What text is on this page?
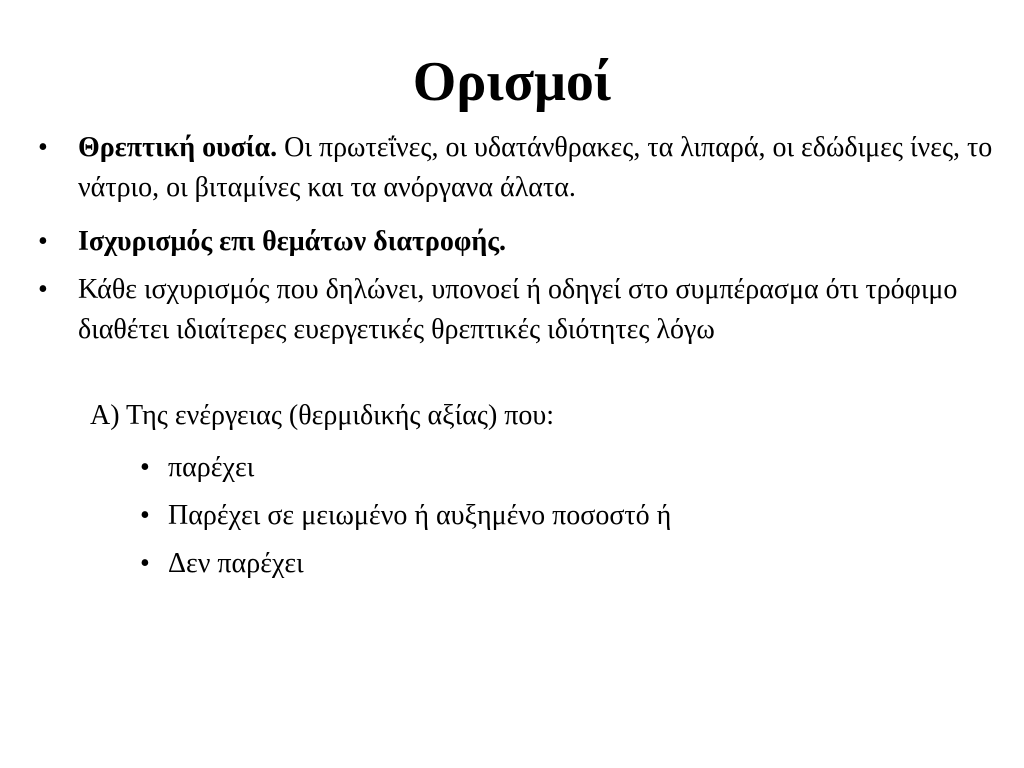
Ορισμοί
• Θρεπτική ουσία. Οι πρωτεΐνες, οι υδατάνθρακες, τα λιπαρά, οι εδώδιμες ίνες, το νάτριο, οι βιταμίνες και τα ανόργανα άλατα.
• Ισχυρισμός επι θεμάτων διατροφής.
• Κάθε ισχυρισμός που δηλώνει, υπονοεί ή οδηγεί στο συμπέρασμα ότι τρόφιμο διαθέτει ιδιαίτερες ευεργετικές θρεπτικές ιδιότητες λόγω
Α) Της ενέργειας (θερμιδικής αξίας) που:
• παρέχει
• Παρέχει σε μειωμένο ή αυξημένο ποσοστό ή
• Δεν παρέχει
